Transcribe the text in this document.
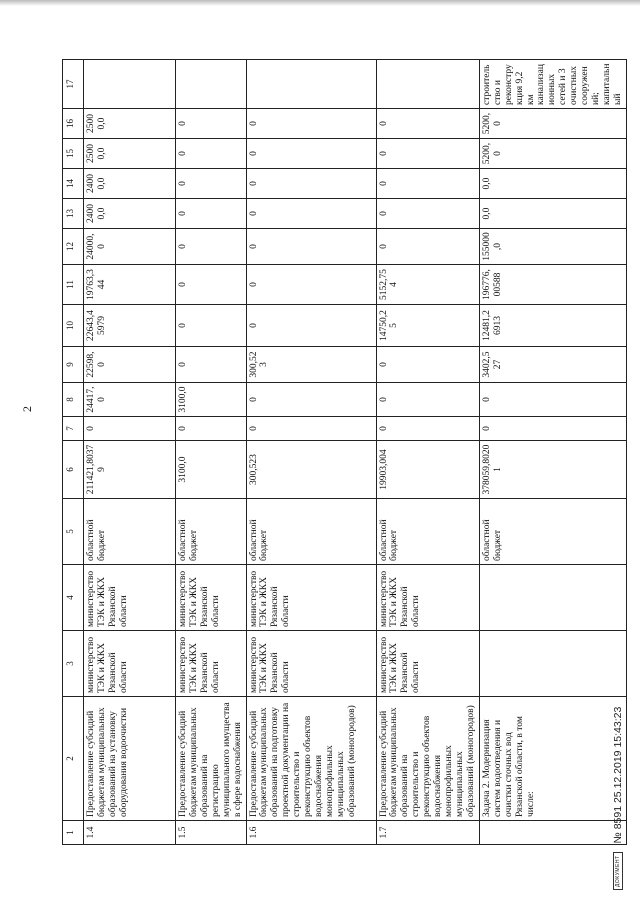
2
1	2	3	4	5	6	7	8	9	10	11	12	13	14	15	16	17
1.4	Предоставление субсидий бюджетам муниципальных образований на установку оборудования водоочистки	министерство ТЭК и ЖКХ Рязанской области	министерство ТЭК и ЖКХ Рязанской области	областной бюджет	211421,80379	0	24417,0	22598,0	22643,45979	19763,344	24000,0	24000,0	24000,0	25000,0	25000,0	
1.5	Предоставление субсидий бюджетам муниципальных образований на регистрацию муниципального имущества в сфере водоснабжения	министерство ТЭК и ЖКХ Рязанской области	министерство ТЭК и ЖКХ Рязанской области	областной бюджет	3100,0	0	3100,0	0	0	0	0	0	0	0	0	
1.6	Предоставление субсидий бюджетам муниципальных образований на подготовку проектной документации на строительство и реконструкцию объектов водоснабжения монопрофильных муниципальных образований (моногородов)	министерство ТЭК и ЖКХ Рязанской области	министерство ТЭК и ЖКХ Рязанской области	областной бюджет	300,523	0	0	300,523	0	0	0	0	0	0	0	
1.7	Предоставление субсидий бюджетам муниципальных образований на строительство и реконструкцию объектов водоснабжения монопрофильных муниципальных образований (моногородов)	министерство ТЭК и ЖКХ Рязанской области	министерство ТЭК и ЖКХ Рязанской области	областной бюджет	19903,004	0	0	0	14750,25	5152,754	0	0	0	0	0	
	Задача 2. Модернизация систем водоотведения и очистки сточных вод Рязанской области, в том числе:			областной бюджет	378059,80201	0	0	3402,527	12481,26913	196776,00588	155000,0	0,0	0,0	5200,0	5200,0	строительство и реконструкция 9,2 км канализационных сетей и 3 очистных сооружений; капитальный
ДОКУМЕНТ № 8591 25.12.2019 15:43:23
